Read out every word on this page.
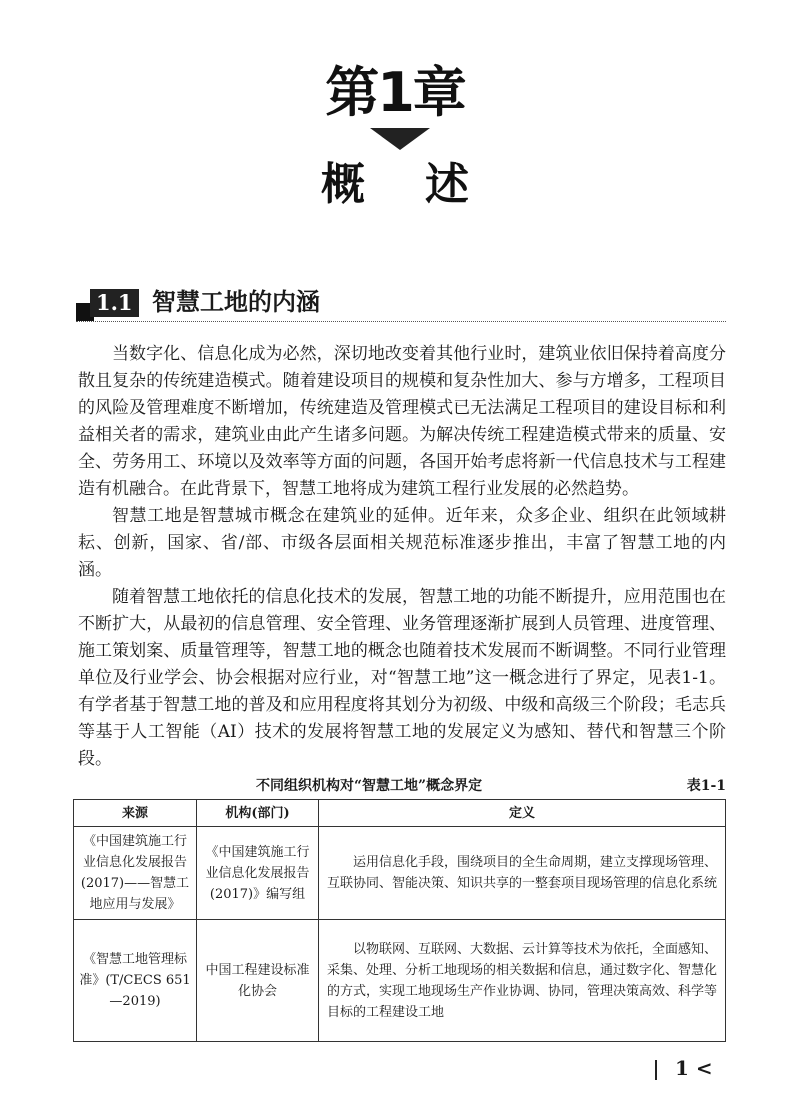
第1章
概述
1.1 智慧工地的内涵

当数字化、信息化成为必然，深切地改变着其他行业时，建筑业依旧保持着高度分散且复杂的传统建造模式。随着建设项目的规模和复杂性加大、参与方增多，工程项目的风险及管理难度不断增加，传统建造及管理模式已无法满足工程项目的建设目标和利益相关者的需求，建筑业由此产生诸多问题。为解决传统工程建造模式带来的质量、安全、劳务用工、环境以及效率等方面的问题，各国开始考虑将新一代信息技术与工程建造有机融合。在此背景下，智慧工地将成为建筑工程行业发展的必然趋势。

智慧工地是智慧城市概念在建筑业的延伸。近年来，众多企业、组织在此领域耕耘、创新，国家、省/部、市级各层面相关规范标准逐步推出，丰富了智慧工地的内涵。

随着智慧工地依托的信息化技术的发展，智慧工地的功能不断提升，应用范围也在不断扩大，从最初的信息管理、安全管理、业务管理逐渐扩展到人员管理、进度管理、施工策划案、质量管理等，智慧工地的概念也随着技术发展而不断调整。不同行业管理单位及行业学会、协会根据对应行业，对“智慧工地”这一概念进行了界定，见表1-1。有学者基于智慧工地的普及和应用程度将其划分为初级、中级和高级三个阶段；毛志兵等基于人工智能（AI）技术的发展将智慧工地的发展定义为感知、替代和智慧三个阶段。

不同组织机构对“智慧工地”概念界定	表1-1
来源	机构(部门)	定义
《中国建筑施工行业信息化发展报告(2017)——智慧工地应用与发展》	《中国建筑施工行业信息化发展报告(2017)》编写组	运用信息化手段，围绕项目的全生命周期，建立支撑现场管理、互联协同、智能决策、知识共享的一整套项目现场管理的信息化系统

《智慧工地管理标准》(T/CECS 651—2019)	中国工程建设标准化协会	以物联网、互联网、大数据、云计算等技术为依托，全面感知、采集、处理、分析工地现场的相关数据和信息，通过数字化、智慧化的方式，实现工地现场生产作业协调、协同，管理决策高效、科学等目标的工程建设工地
1 <
